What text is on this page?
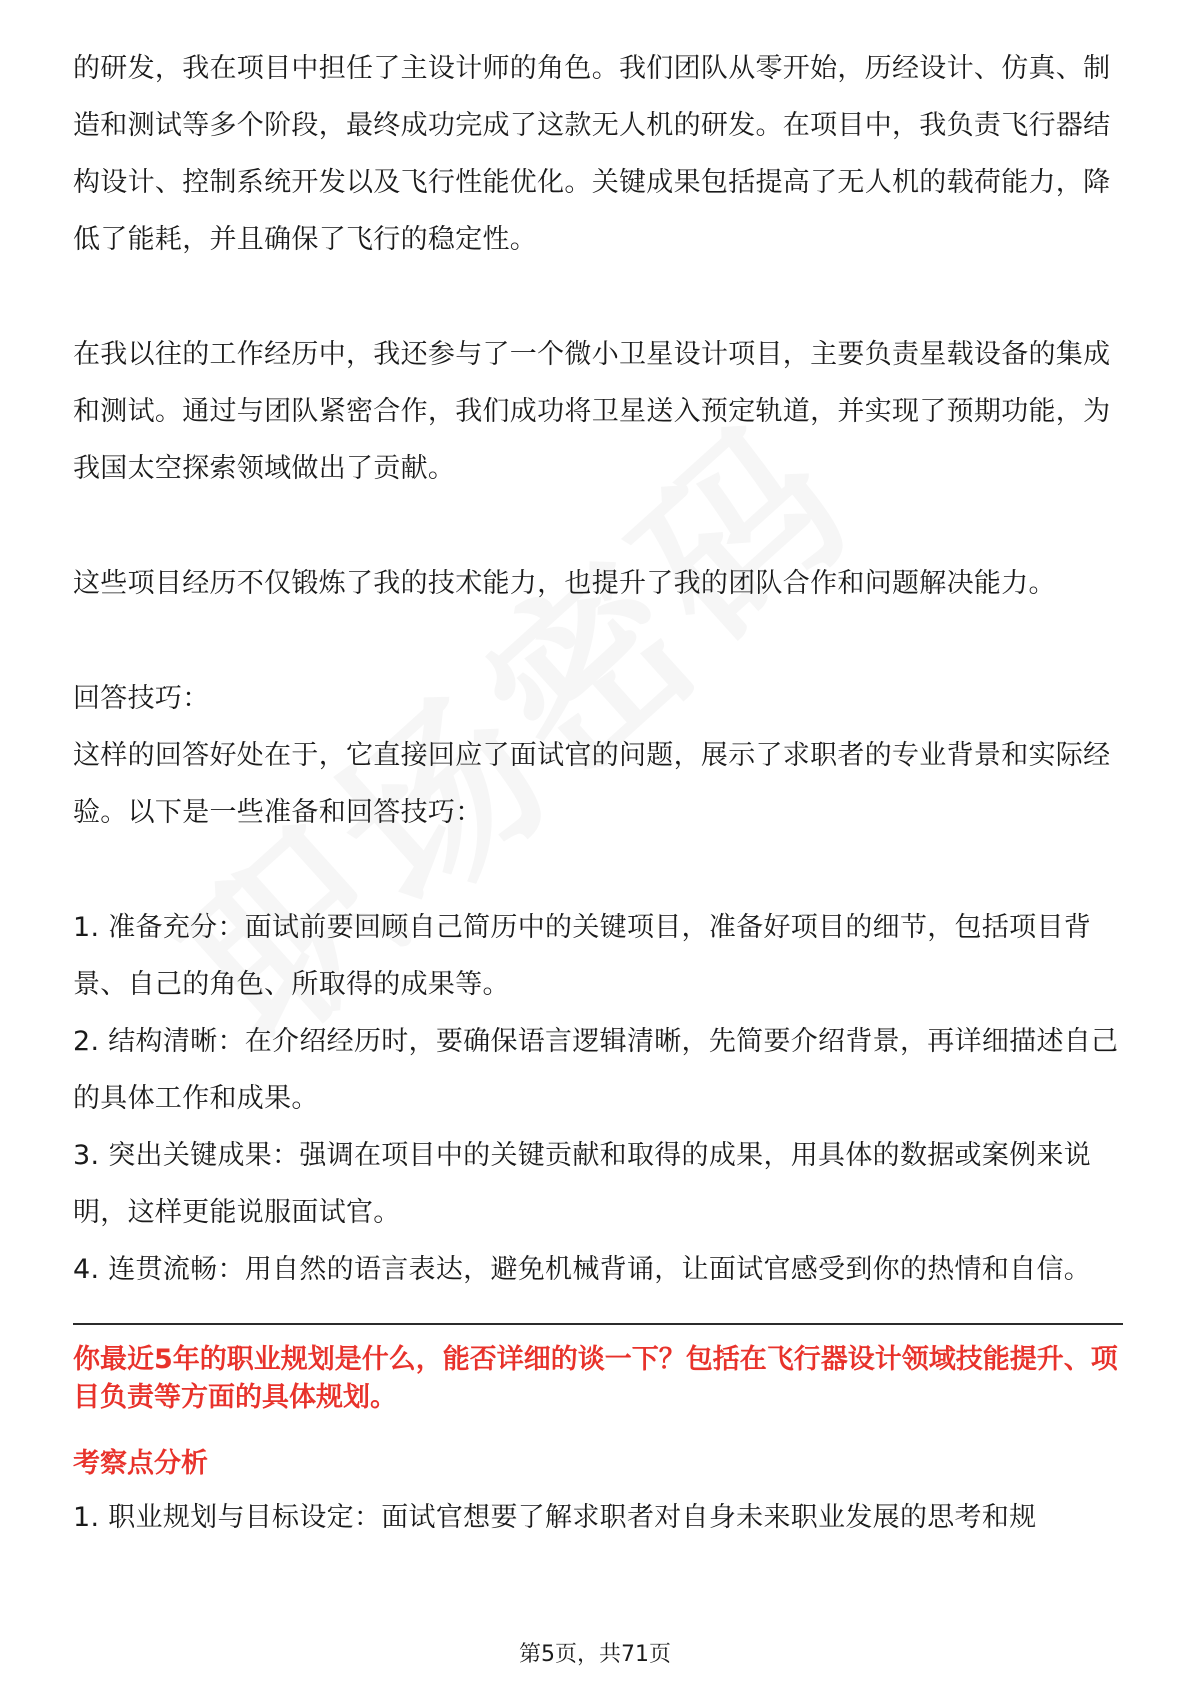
的研发，我在项目中担任了主设计师的角色。我们团队从零开始，历经设计、仿真、制造和测试等多个阶段，最终成功完成了这款无人机的研发。在项目中，我负责飞行器结构设计、控制系统开发以及飞行性能优化。关键成果包括提高了无人机的载荷能力，降低了能耗，并且确保了飞行的稳定性。

在我以往的工作经历中，我还参与了一个微小卫星设计项目，主要负责星载设备的集成和测试。通过与团队紧密合作，我们成功将卫星送入预定轨道，并实现了预期功能，为我国太空探索领域做出了贡献。

这些项目经历不仅锻炼了我的技术能力，也提升了我的团队合作和问题解决能力。

回答技巧：

这样的回答好处在于，它直接回应了面试官的问题，展示了求职者的专业背景和实际经验。以下是一些准备和回答技巧：

1. 准备充分：面试前要回顾自己简历中的关键项目，准备好项目的细节，包括项目背景、自己的角色、所取得的成果等。

2. 结构清晰：在介绍经历时，要确保语言逻辑清晰，先简要介绍背景，再详细描述自己的具体工作和成果。

3. 突出关键成果：强调在项目中的关键贡献和取得的成果，用具体的数据或案例来说明，这样更能说服面试官。

4. 连贯流畅：用自然的语言表达，避免机械背诵，让面试官感受到你的热情和自信。

你最近5年的职业规划是什么，能否详细的谈一下？包括在飞行器设计领域技能提升、项目负责等方面的具体规划。

考察点分析

1. 职业规划与目标设定：面试官想要了解求职者对自身未来职业发展的思考和规

第5页，共71页
